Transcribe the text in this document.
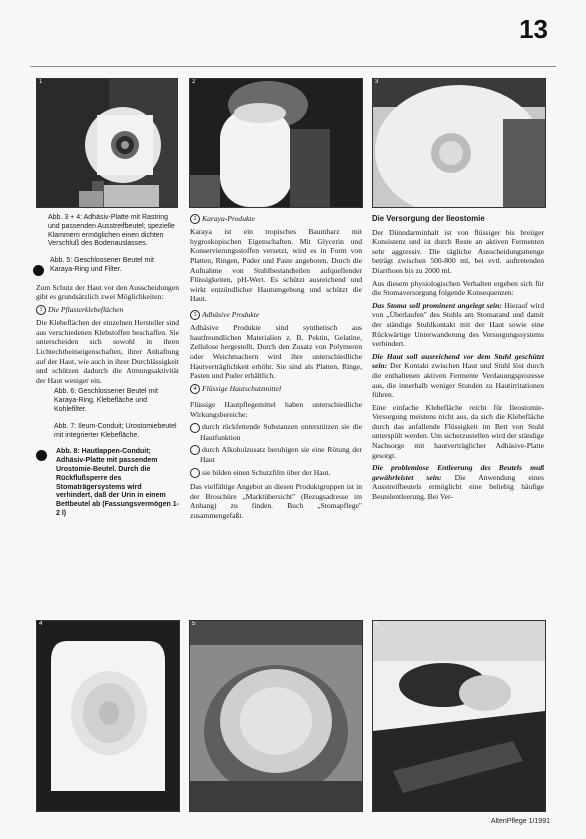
13
1	2	3
Abb. 3 + 4: Adhäsiv-Platte mit Rastring und passenden Ausstreifbeutel; spezielle Klammern ermöglichen einen dichten Verschluß des Bodenauslasses.
Abb. 5: Geschlossener Beutel mit Karaya-Ring und Filter.

Zum Schutz der Haut vor den Ausscheidungen gibt es grundsätzlich zwei Möglichkeiten:

1 Die Pflasterklebeflächen

Die Klebeflächen der einzelnen Hersteller sind aus verschiedenen Klebstoffen beschaffen. Sie unterscheiden sich sowohl in ihren Lichtechtheitseigenschaften, ihrer Anhaftung auf der Haut, wie auch in ihrer Durchlässigkeit und schützen dadurch die Atmungsaktivität der Haut weniger ein.

Abb. 6: Geschlossener Beutel mit Karaya-Ring, Klebefläche und Kohlefilter.
Abb. 7: Ileum-Conduit; Urostomiebeutel mit integrierter Klebefläche.
Abb. 8: Hautlappen-Conduit; Adhäsiv-Platte mit passendem Urostomie-Beutel. Durch die Rückflußsperre des Stomaträgersystems wird verhindert, daß der Urin in einem Bettbeutel ab (Fassungsvermögen 1-2 l)

2 Karaya-Produkte

Karaya ist ein tropisches Baumharz mit hygroskopischen Eigenschaften. Mit Glycerin und Konservierungsstoffen versetzt, wird es in Form von Platten, Ringen, Puder und Paste angeboten. Durch die Aufnahme von Stuhlbestandteilen aufquellender Flüssigkeiten, pH-Wert. Es schützt ausreichend und wirkt entzündlicher Hautumgebung und schützt die Haut.

3 Adhäsive Produkte

Adhäsive Produkte sind synthetisch aus hautfreundlichen Materialien z. B. Pektin, Gelatine, Zellulose hergestellt. Durch den Zusatz von Polymeren oder Weichmachern wird ihre unterschiedliche Hautverträglichkeit erhöht. Sie sind als Platten, Ringe, Pasten und Puder erhältlich.

4 Flüssige Hautschutzmittel

Flüssige Hautpflegemittel haben unterschiedliche Wirkungsbereiche:

durch rückfettende Substanzen unterstützen sie die Hautfunktion

durch Alkoholzusatz beruhigen sie eine Rötung der Haut

sie bilden einen Schutzfilm über der Haut.

Das vielfältige Angebot an diesen Produktgruppen ist in der Broschüre „Marktübersicht" (Bezugsadresse im Anhang) zu finden. Buch „Stomapflege" zusammengefaßt.

Die Versorgung der Ileostomie

Der Dünndarminhalt ist von flüssiger bis breiiger Konsistenz und ist durch Reste an aktiven Fermenten sehr aggressiv. Die tägliche Ausscheidungsmenge beträgt zwischen 500-800 ml, bei evtl. auftretenden Diarrhoen bis zu 2000 ml.

Aus diesem physiologischen Verhalten ergeben sich für die Stomaversorgung folgende Konsequenzen:

Das Stoma soll prominent angelegt sein: Hierauf wird von „Überlaufen" des Stuhls am Stomarand und damit der ständige Stuhlkontakt mit der Haut sowie eine Rückwärtige Unterwanderung des Versorgungssystems verhindert.

Die Haut soll ausreichend vor dem Stuhl geschützt sein: Der Kontakt zwischen Haut und Stuhl löst durch die enthaltenen aktiven Fermente Verdauungsprozesse aus, die innerhalb weniger Stunden zu Hautirritationen führen.

Eine einfache Klebefläche reicht für Ileostomie-Versorgung meistens nicht aus, da sich die Klebefläche durch das anfallende Flüssigkeit im Bett von Stuhl unterspült werden. Um sicherzustellen wird der ständige Nachsorge mit hautverträglicher Adhäsive-Platte gesorgt.

Die problemlose Entleerung des Beutels muß gewährleistet sein: Die Anwendung eines Ausstreifbeutels ermöglicht eine beliebig häufige Beutelentleerung. Bei Ver-

4	5	6
AltenPflege 1/1991
